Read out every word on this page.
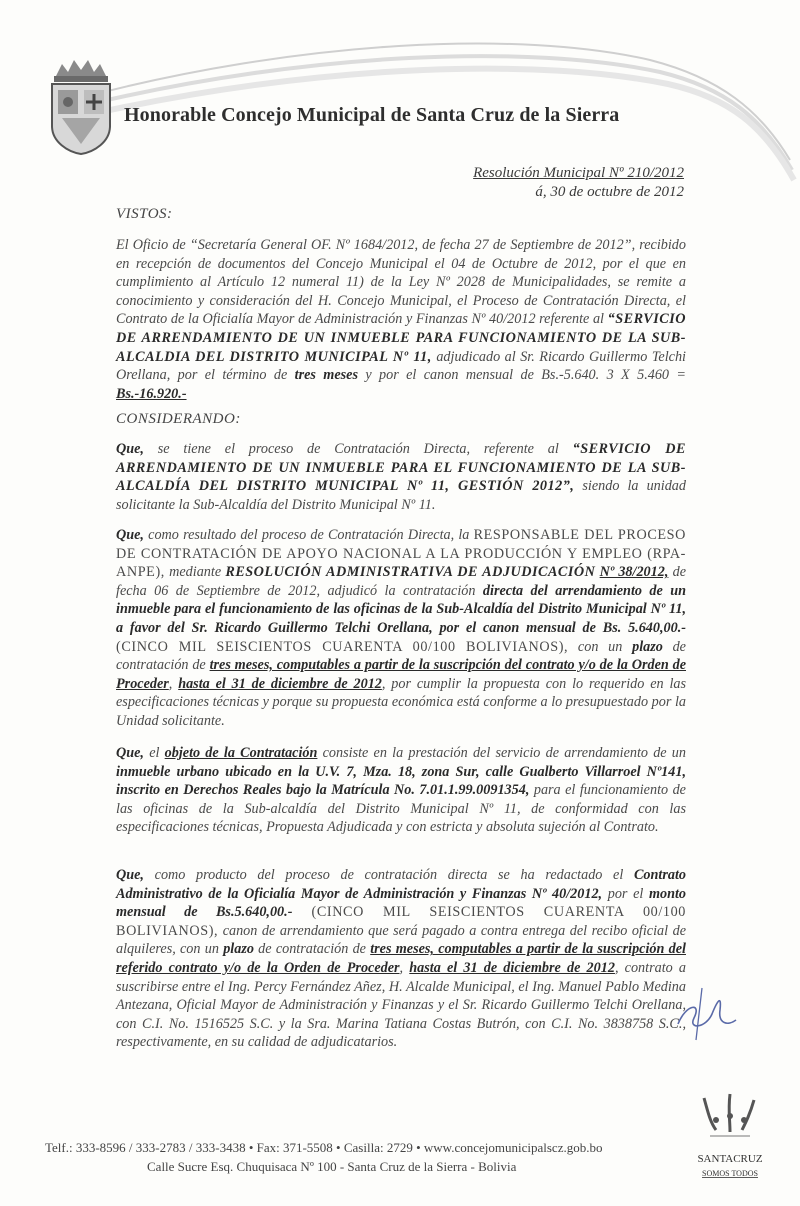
Honorable Concejo Municipal de Santa Cruz de la Sierra
Resolución Municipal Nº 210/2012
á, 30 de octubre de 2012
VISTOS:
El Oficio de “Secretaría General OF. Nº 1684/2012, de fecha 27 de Septiembre de 2012”, recibido en recepción de documentos del Concejo Municipal el 04 de Octubre de 2012, por el que en cumplimiento al Artículo 12 numeral 11) de la Ley Nº 2028 de Municipalidades, se remite a conocimiento y consideración del H. Concejo Municipal, el Proceso de Contratación Directa, el Contrato de la Oficialía Mayor de Administración y Finanzas Nº 40/2012 referente al “SERVICIO DE ARRENDAMIENTO DE UN INMUEBLE PARA FUNCIONAMIENTO DE LA SUB-ALCALDIA DEL DISTRITO MUNICIPAL Nº 11, adjudicado al Sr. Ricardo Guillermo Telchi Orellana, por el término de tres meses y por el canon mensual de Bs.-5.640. 3 X 5.460 = Bs.-16.920.-
CONSIDERANDO:
Que, se tiene el proceso de Contratación Directa, referente al “SERVICIO DE ARRENDAMIENTO DE UN INMUEBLE PARA EL FUNCIONAMIENTO DE LA SUB-ALCALDÍA DEL DISTRITO MUNICIPAL Nº 11, GESTIÓN 2012”, siendo la unidad solicitante la Sub-Alcaldía del Distrito Municipal Nº 11.
Que, como resultado del proceso de Contratación Directa, la RESPONSABLE DEL PROCESO DE CONTRATACIÓN DE APOYO NACIONAL A LA PRODUCCIÓN Y EMPLEO (RPA-ANPE), mediante RESOLUCIÓN ADMINISTRATIVA DE ADJUDICACIÓN Nº 38/2012, de fecha 06 de Septiembre de 2012, adjudicó la contratación directa del arrendamiento de un inmueble para el funcionamiento de las oficinas de la Sub-Alcaldía del Distrito Municipal Nº 11, a favor del Sr. Ricardo Guillermo Telchi Orellana, por el canon mensual de Bs. 5.640,00.- (CINCO MIL SEISCIENTOS CUARENTA 00/100 BOLIVIANOS), con un plazo de contratación de tres meses, computables a partir de la suscripción del contrato y/o de la Orden de Proceder, hasta el 31 de diciembre de 2012, por cumplir la propuesta con lo requerido en las especificaciones técnicas y porque su propuesta económica está conforme a lo presupuestado por la Unidad solicitante.
Que, el objeto de la Contratación consiste en la prestación del servicio de arrendamiento de un inmueble urbano ubicado en la U.V. 7, Mza. 18, zona Sur, calle Gualberto Villarroel Nº141, inscrito en Derechos Reales bajo la Matrícula No. 7.01.1.99.0091354, para el funcionamiento de las oficinas de la Sub-alcaldía del Distrito Municipal Nº 11, de conformidad con las especificaciones técnicas, Propuesta Adjudicada y con estricta y absoluta sujeción al Contrato.
Que, como producto del proceso de contratación directa se ha redactado el Contrato Administrativo de la Oficialía Mayor de Administración y Finanzas Nº 40/2012, por el monto mensual de Bs.5.640,00.- (CINCO MIL SEISCIENTOS CUARENTA 00/100 BOLIVIANOS), canon de arrendamiento que será pagado a contra entrega del recibo oficial de alquileres, con un plazo de contratación de tres meses, computables a partir de la suscripción del referido contrato y/o de la Orden de Proceder, hasta el 31 de diciembre de 2012, contrato a suscribirse entre el Ing. Percy Fernández Añez, H. Alcalde Municipal, el Ing. Manuel Pablo Medina Antezana, Oficial Mayor de Administración y Finanzas y el Sr. Ricardo Guillermo Telchi Orellana, con C.I. No. 1516525 S.C. y la Sra. Marina Tatiana Costas Butrón, con C.I. No. 3838758 S.C., respectivamente, en su calidad de adjudicatarios.
Telf.: 333-8596 / 333-2783 / 333-3438 • Fax: 371-5508 • Casilla: 2729 • www.concejomunicipalscz.gob.bo
Calle Sucre Esq. Chuquisaca Nº 100 - Santa Cruz de la Sierra - Bolivia	SANTACRUZ
SOMOS TODOS
